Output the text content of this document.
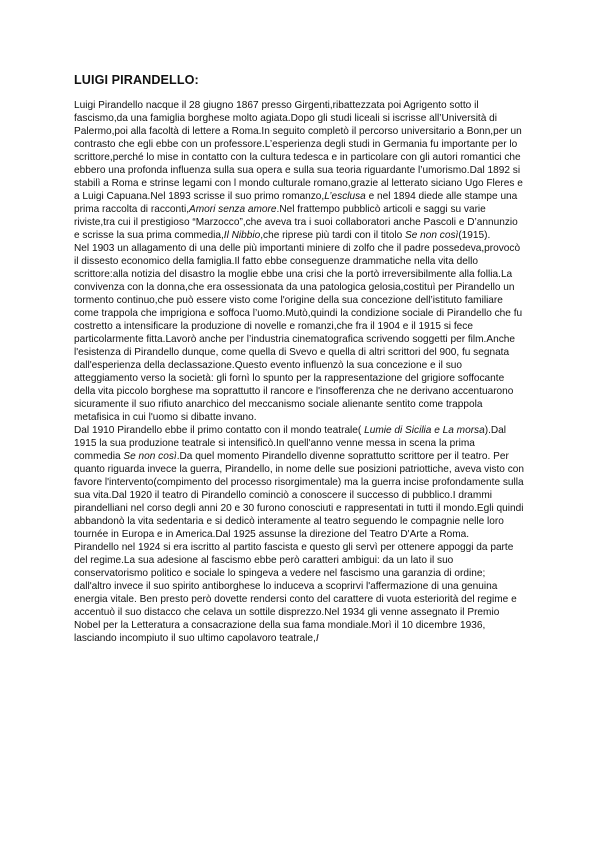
LUIGI PIRANDELLO:

Luigi Pirandello nacque il 28 giugno 1867 presso Girgenti,ribattezzata poi Agrigento sotto il fascismo,da una famiglia borghese molto agiata.Dopo gli studi liceali si iscrisse all’Università di Palermo,poi alla facoltà di lettere a Roma.In seguito completò il percorso universitario a Bonn,per un contrasto che egli ebbe con un professore.L’esperienza degli studi in Germania fu importante per lo scrittore,perché lo mise in contatto con la cultura tedesca e in particolare con gli autori romantici che ebbero una profonda influenza sulla sua opera e sulla sua teoria riguardante l’umorismo.Dal 1892 si stabilì a Roma e strinse legami con l mondo culturale romano,grazie al letterato siciano Ugo Fleres e a Luigi Capuana.Nel 1893 scrisse il suo primo romanzo,L’esclusa e nel 1894 diede alle stampe una prima raccolta di racconti,Amori senza amore.Nel frattempo pubblicò articoli e saggi su varie riviste,tra cui il prestigioso “Marzocco”,che aveva tra i suoi collaboratori anche Pascoli e D’annunzio e scrisse la sua prima commedia,Il Nibbio,che riprese più tardi con il titolo Se non così(1915).

Nel 1903 un allagamento di una delle più importanti miniere di zolfo che il padre possedeva,provocò il dissesto economico della famiglia.Il fatto ebbe conseguenze drammatiche nella vita dello scrittore:alla notizia del disastro la moglie ebbe una crisi che la portò irreversibilmente alla follia.La convivenza con la donna,che era ossessionata da una patologica gelosia,costituì per Pirandello un tormento continuo,che può essere visto come l'origine della sua concezione dell’istituto familiare come trappola che imprigiona e soffoca l’uomo.Mutò,quindi la condizione sociale di Pirandello che fu costretto a intensificare la produzione di novelle e romanzi,che fra il 1904 e il 1915 si fece particolarmente fitta.Lavorò anche per l’industria cinematografica scrivendo soggetti per film.Anche l'esistenza di Pirandello dunque, come quella di Svevo e quella di altri scrittori del 900, fu segnata dall'esperienza della declassazione.Questo evento influenzò la sua concezione e il suo atteggiamento verso la società: gli fornì lo spunto per la rappresentazione del grigiore soffocante della vita piccolo borghese ma soprattutto il rancore e l'insofferenza che ne derivano accentuarono sicuramente il suo rifiuto anarchico del meccanismo sociale alienante sentito come trappola metafisica in cui l'uomo si dibatte invano.

Dal 1910 Pirandello ebbe il primo contatto con il mondo teatrale( Lumie di Sicilia e La morsa).Dal 1915 la sua produzione teatrale si intensificò.In quell'anno venne messa in scena la prima commedia Se non così.Da quel momento Pirandello divenne soprattutto scrittore per il teatro. Per quanto riguarda invece la guerra, Pirandello, in nome delle sue posizioni patriottiche, aveva visto con favore l'intervento(compimento del processo risorgimentale) ma la guerra incise profondamente sulla sua vita.Dal 1920 il teatro di Pirandello cominciò a conoscere il successo di pubblico.I drammi pirandelliani nel corso degli anni 20 e 30 furono conosciuti e rappresentati in tutti il mondo.Egli quindi abbandonò la vita sedentaria e si dedicò interamente al teatro seguendo le compagnie nelle loro tournée in Europa e in America.Dal 1925 assunse la direzione del Teatro D'Arte a Roma.

Pirandello nel 1924 si era iscritto al partito fascista e questo gli servì per ottenere appoggi da parte del regime.La sua adesione al fascismo ebbe però caratteri ambigui: da un lato il suo conservatorismo politico e sociale lo spingeva a vedere nel fascismo una garanzia di ordine; dall'altro invece il suo spirito antiborghese lo induceva a scoprirvi l'affermazione di una genuina energia vitale. Ben presto però dovette rendersi conto del carattere di vuota esteriorità del regime e accentuò il suo distacco che celava un sottile disprezzo.Nel 1934 gli venne assegnato il Premio Nobel per la Letteratura a consacrazione della sua fama mondiale.Morì il 10 dicembre 1936, lasciando incompiuto il suo ultimo capolavoro teatrale,I
